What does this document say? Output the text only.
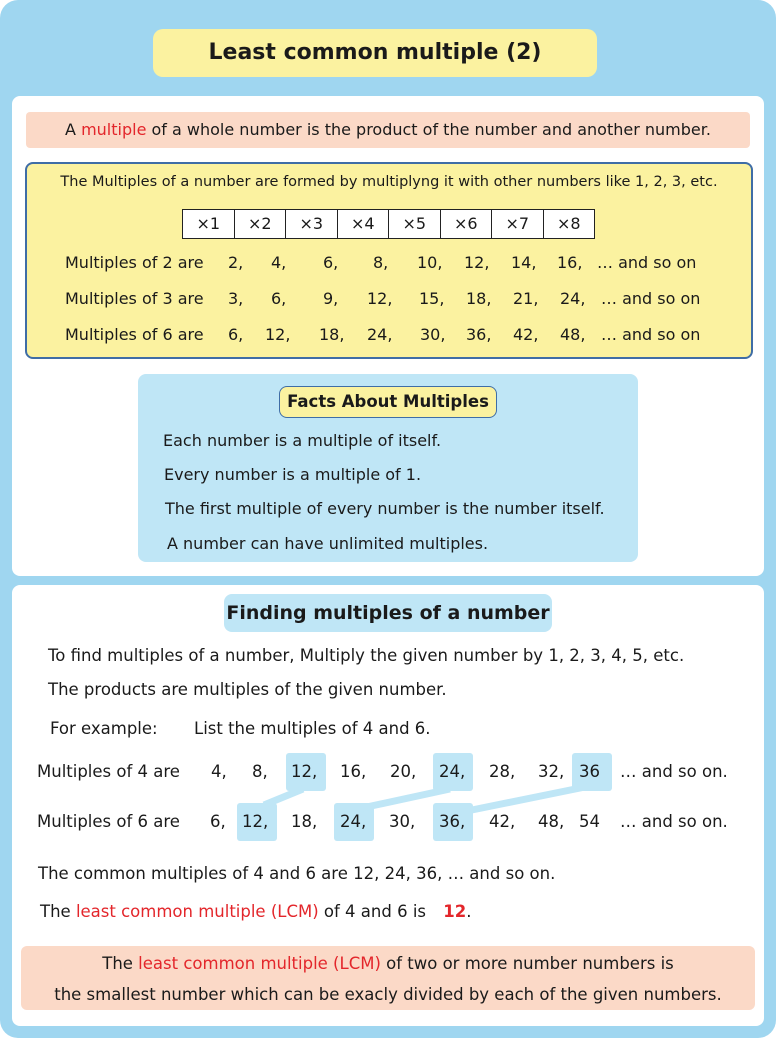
Least common multiple (2)
A multiple of a whole number is the product of the number and another number.
The Multiples of a number are formed by multiplyng it with other numbers like 1, 2, 3, etc.
×1	×2	×3	×4	×5	×6	×7	×8
Multiples of 2 are 2, 4, 6, 8, 10, 12, 14, 16, … and so on
Multiples of 3 are 3, 6, 9, 12, 15, 18, 21, 24, … and so on
Multiples of 6 are 6, 12, 18, 24, 30, 36, 42, 48, … and so on
Facts About Multiples
Each number is a multiple of itself.
Every number is a multiple of 1.
The first multiple of every number is the number itself.
A number can have unlimited multiples.
Finding multiples of a number
To find multiples of a number, Multiply the given number by 1, 2, 3, 4, 5, etc.
The products are multiples of the given number.
For example: List the multiples of 4 and 6.
Multiples of 4 are 4, 8, 12, 16, 20, 24, 28, 32, 36 … and so on.
Multiples of 6 are 6, 12, 18, 24, 30, 36, 42, 48, 54 … and so on.
The common multiples of 4 and 6 are 12, 24, 36, … and so on.
The least common multiple (LCM) of 4 and 6 is 12.
The least common multiple (LCM) of two or more number numbers is
the smallest number which can be exacly divided by each of the given numbers.
